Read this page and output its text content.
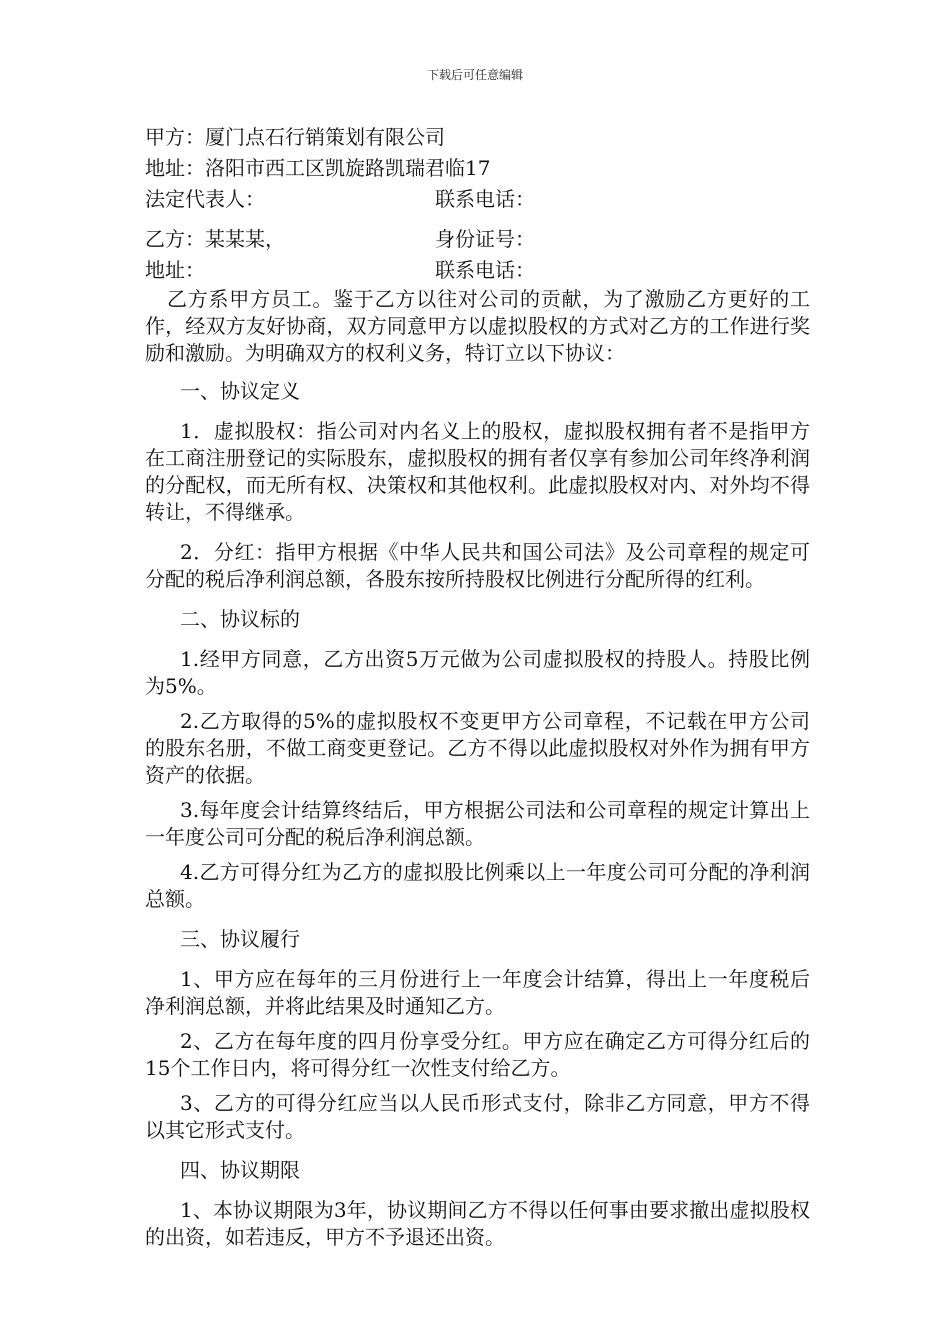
下载后可任意编辑
甲方：厦门点石行销策划有限公司
地址：洛阳市西工区凯旋路凯瑞君临17
法定代表人：	联系电话：
乙方：某某某，	身份证号：
地址：	联系电话：

乙方系甲方员工。鉴于乙方以往对公司的贡献，为了激励乙方更好的工作，经双方友好协商，双方同意甲方以虚拟股权的方式对乙方的工作进行奖励和激励。为明确双方的权利义务，特订立以下协议：

一、协议定义

1．虚拟股权：指公司对内名义上的股权，虚拟股权拥有者不是指甲方在工商注册登记的实际股东，虚拟股权的拥有者仅享有参加公司年终净利润的分配权，而无所有权、决策权和其他权利。此虚拟股权对内、对外均不得转让，不得继承。

2．分红：指甲方根据《中华人民共和国公司法》及公司章程的规定可分配的税后净利润总额，各股东按所持股权比例进行分配所得的红利。

二、协议标的

1.经甲方同意，乙方出资5万元做为公司虚拟股权的持股人。持股比例为5%。

2.乙方取得的5%的虚拟股权不变更甲方公司章程，不记载在甲方公司的股东名册，不做工商变更登记。乙方不得以此虚拟股权对外作为拥有甲方资产的依据。

3.每年度会计结算终结后，甲方根据公司法和公司章程的规定计算出上一年度公司可分配的税后净利润总额。

4.乙方可得分红为乙方的虚拟股比例乘以上一年度公司可分配的净利润总额。

三、协议履行

1、甲方应在每年的三月份进行上一年度会计结算，得出上一年度税后净利润总额，并将此结果及时通知乙方。

2、乙方在每年度的四月份享受分红。甲方应在确定乙方可得分红后的15个工作日内，将可得分红一次性支付给乙方。

3、乙方的可得分红应当以人民币形式支付，除非乙方同意，甲方不得以其它形式支付。

四、协议期限

1、本协议期限为3年，协议期间乙方不得以任何事由要求撤出虚拟股权的出资，如若违反，甲方不予退还出资。
